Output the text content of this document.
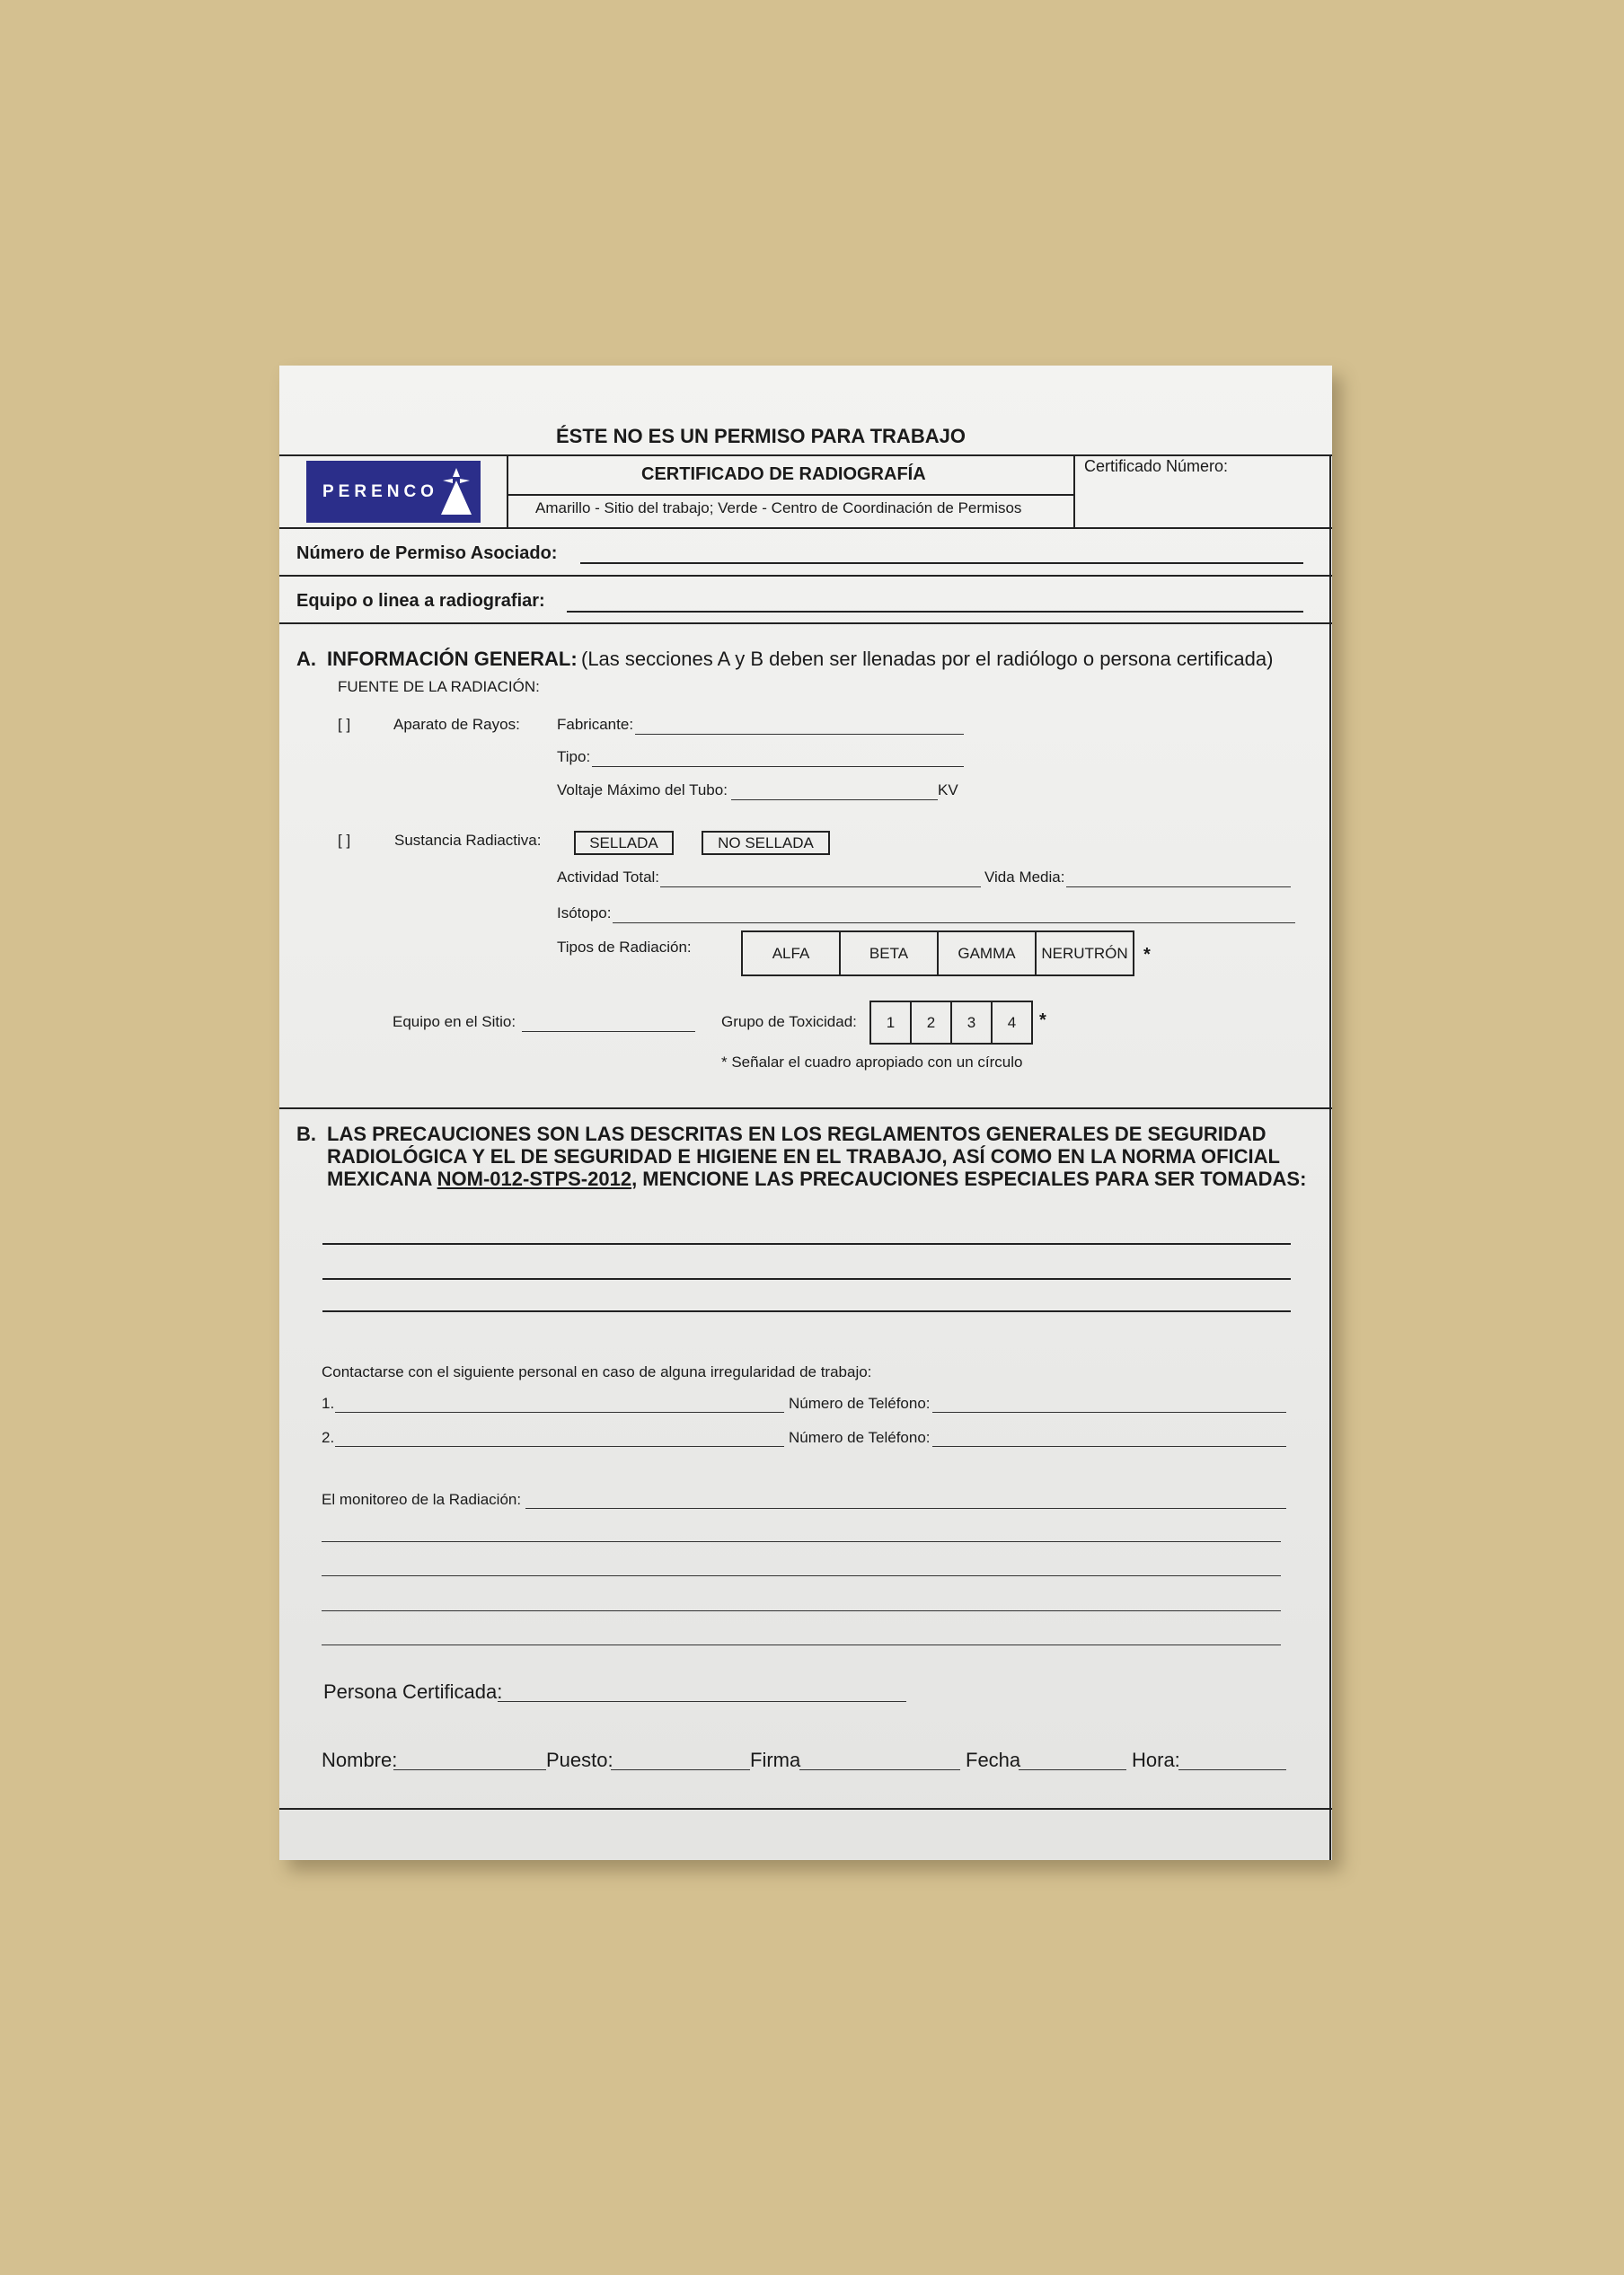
ÉSTE NO ES UN PERMISO PARA TRABAJO
PERENCO
CERTIFICADO DE RADIOGRAFÍA
Amarillo - Sitio del trabajo; Verde - Centro de Coordinación de Permisos
Certificado Número:
Número de Permiso Asociado:
Equipo o linea a radiografiar:
A. INFORMACIÓN GENERAL: (Las secciones A y B deben ser llenadas por el radiólogo o persona certificada)
FUENTE DE LA RADIACIÓN:
[ ]	Aparato de Rayos: Fabricante:
Tipo:
Voltaje Máximo del Tubo:	KV
[ ]	Sustancia Radiactiva:	SELLADA	NO SELLADA
Actividad Total:	Vida Media:
Isótopo:
Tipos de Radiación:	ALFA	BETA	GAMMA	NERUTRÓN *
Equipo en el Sitio:	Grupo de Toxicidad:	1	2	3	4	*
* Señalar el cuadro apropiado con un círculo
B. LAS PRECAUCIONES SON LAS DESCRITAS EN LOS REGLAMENTOS GENERALES DE SEGURIDAD
RADIOLÓGICA Y EL DE SEGURIDAD E HIGIENE EN EL TRABAJO, ASÍ COMO EN LA NORMA OFICIAL
MEXICANA NOM-012-STPS-2012, MENCIONE LAS PRECAUCIONES ESPECIALES PARA SER TOMADAS:
Contactarse con el siguiente personal en caso de alguna irregularidad de trabajo:
1.	Número de Teléfono:
2.	Número de Teléfono:
El monitoreo de la Radiación:
Persona Certificada:
Nombre:	Puesto:	Firma	Fecha	Hora:
